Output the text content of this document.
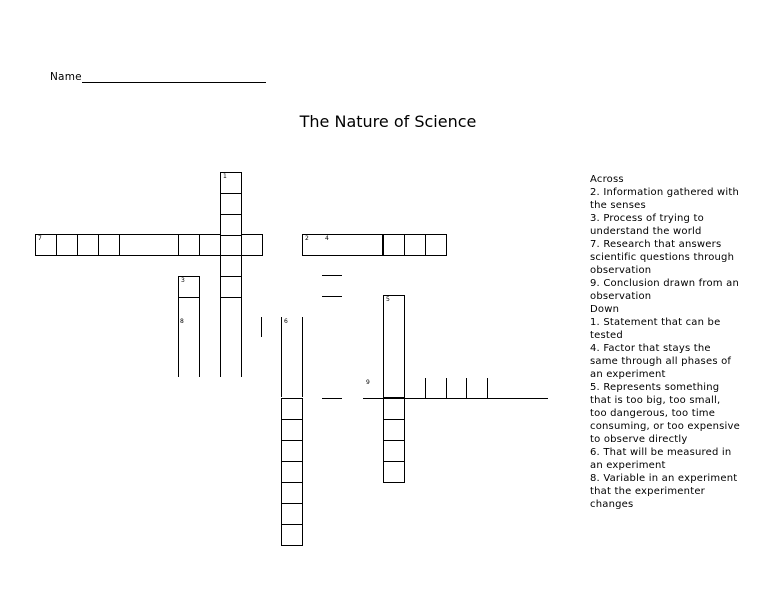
Name
The Nature of Science
7
1
3
8
2	4
6
5
9

Across

2. Information gathered with the senses

3. Process of trying to understand the world

7. Research that answers scientific questions through observation

9. Conclusion drawn from an observation

Down

1. Statement that can be tested

4. Factor that stays the same through all phases of an experiment

5. Represents something that is too big, too small, too dangerous, too time consuming, or too expensive to observe directly

6. That will be measured in an experiment

8. Variable in an experiment that the experimenter changes
